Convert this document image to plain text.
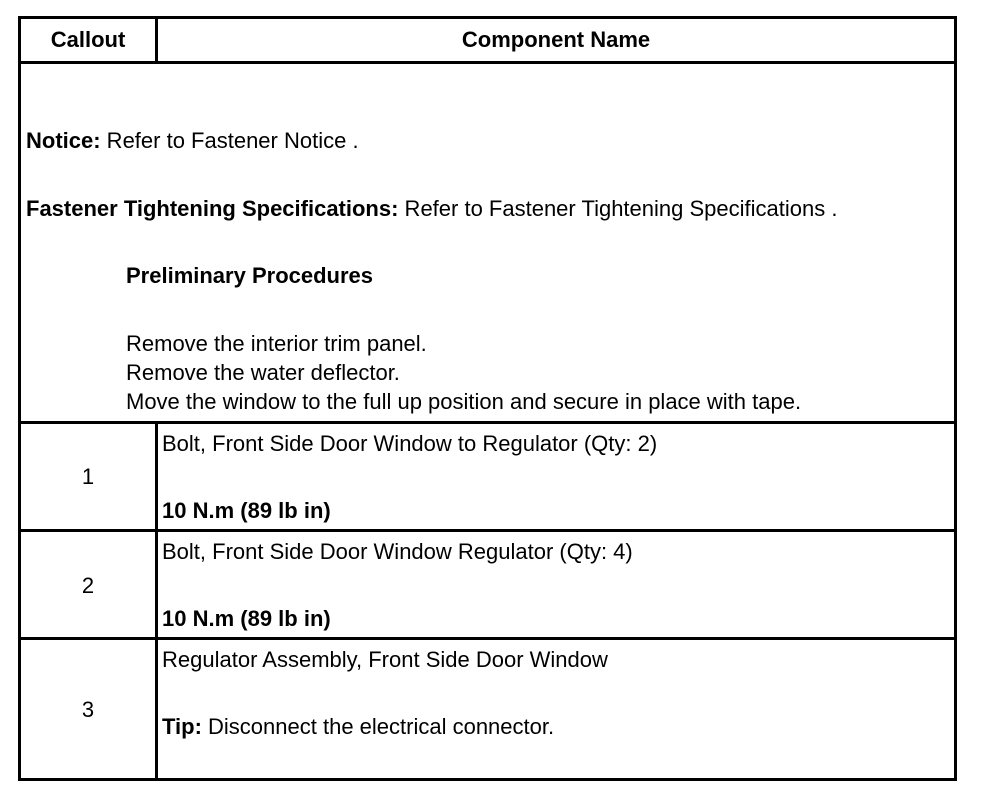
Callout	Component Name
Notice: Refer to Fastener Notice .
Fastener Tightening Specifications: Refer to Fastener Tightening Specifications .
Preliminary Procedures
Remove the interior trim panel.
Remove the water deflector.
Move the window to the full up position and secure in place with tape.
1
Bolt, Front Side Door Window to Regulator (Qty: 2)
10 N.m (89 lb in)
2
Bolt, Front Side Door Window Regulator (Qty: 4)
10 N.m (89 lb in)
3
Regulator Assembly, Front Side Door Window
Tip: Disconnect the electrical connector.
